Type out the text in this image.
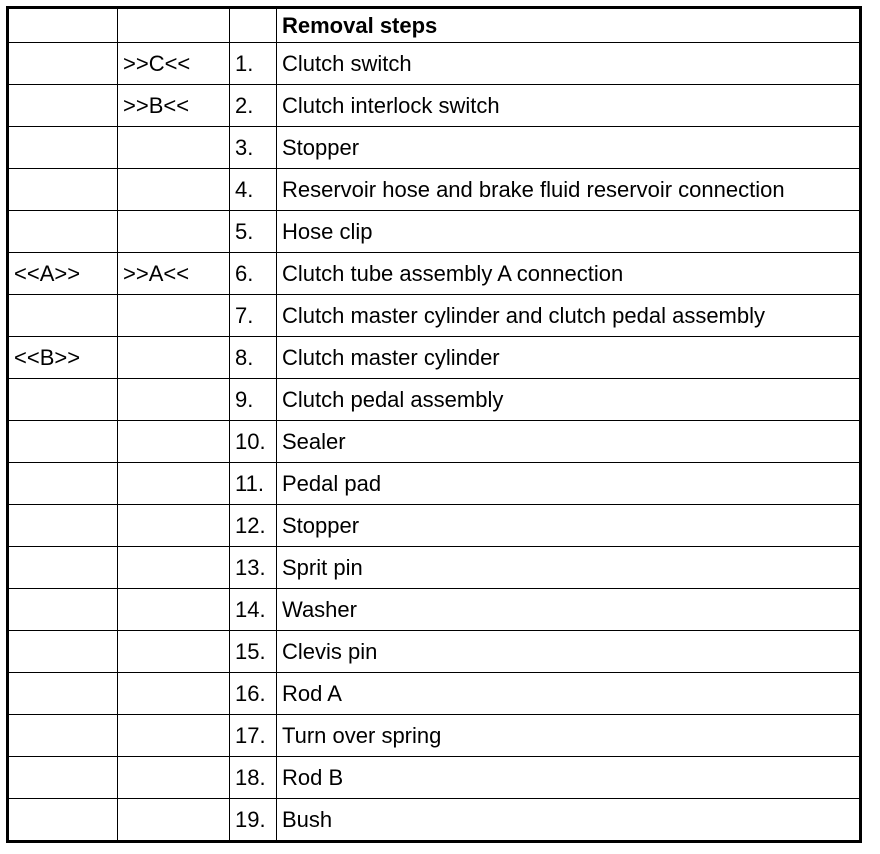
			Removal steps
	>>C<<	1.	Clutch switch
	>>B<<	2.	Clutch interlock switch
		3.	Stopper
		4.	Reservoir hose and brake fluid reservoir connection
		5.	Hose clip
<<A>>	>>A<<	6.	Clutch tube assembly A connection
		7.	Clutch master cylinder and clutch pedal assembly
<<B>>		8.	Clutch master cylinder
		9.	Clutch pedal assembly
		10.	Sealer
		11.	Pedal pad
		12.	Stopper
		13.	Sprit pin
		14.	Washer
		15.	Clevis pin
		16.	Rod A
		17.	Turn over spring
		18.	Rod B
		19.	Bush
